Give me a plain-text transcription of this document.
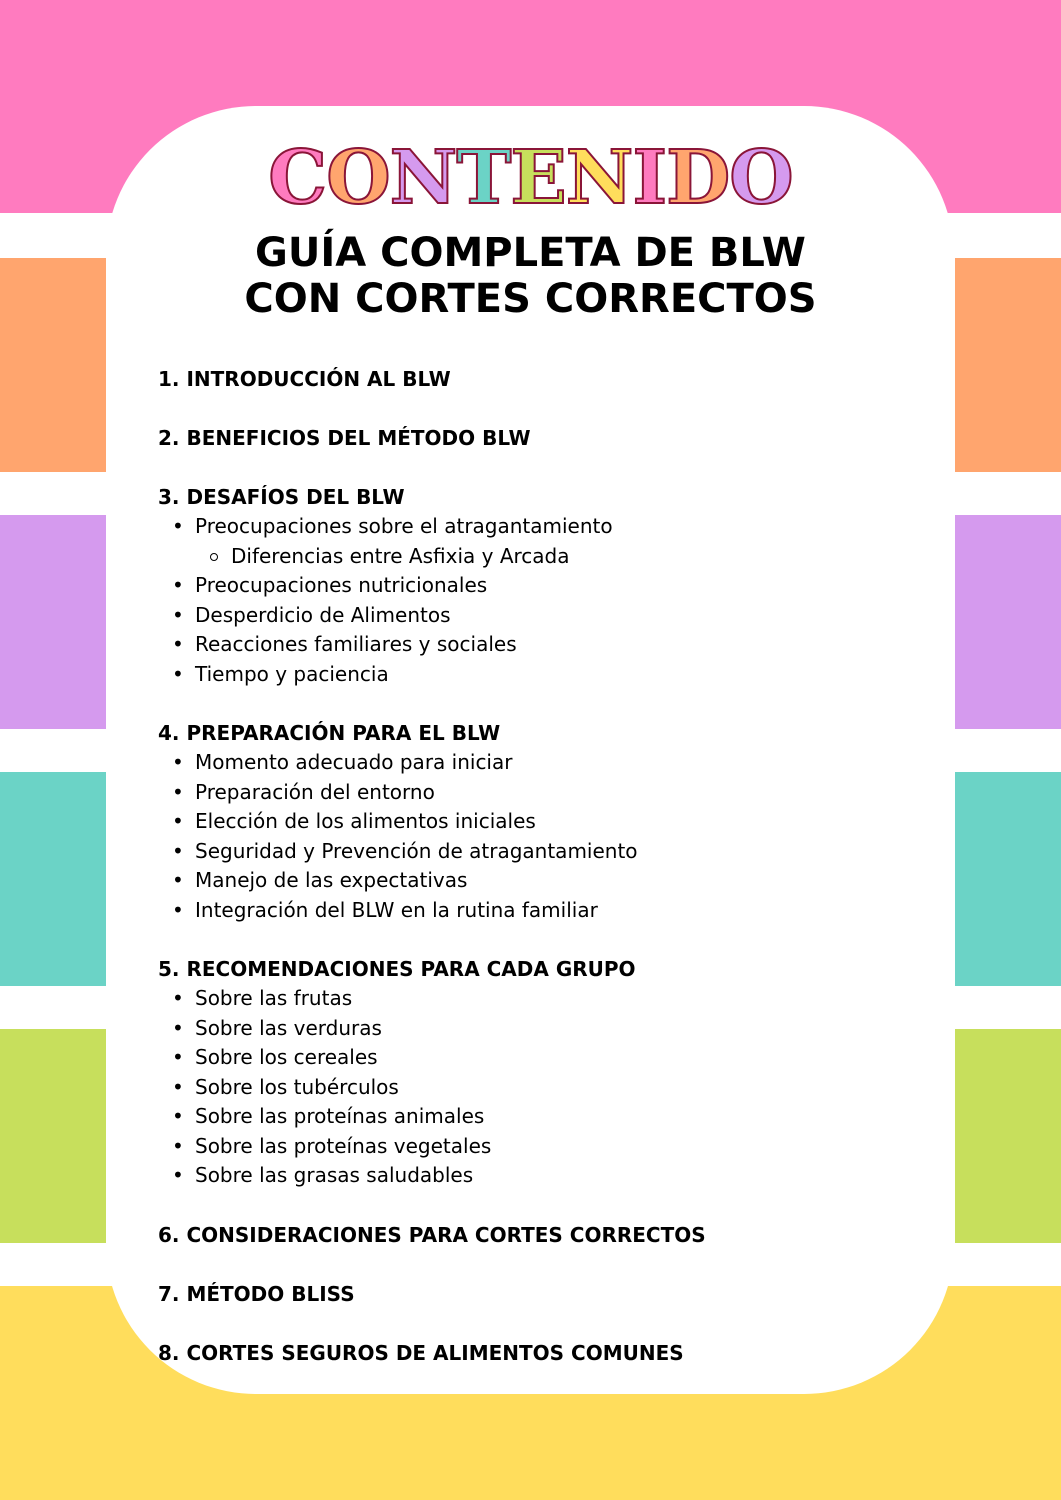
CONTENIDO
GUÍA COMPLETA DE BLW
CON CORTES CORRECTOS
1. INTRODUCCIÓN AL BLW
2. BENEFICIOS DEL MÉTODO BLW
3. DESAFÍOS DEL BLW
• Preocupaciones sobre el atragantamiento
Diferencias entre Asfixia y Arcada
• Preocupaciones nutricionales
• Desperdicio de Alimentos
• Reacciones familiares y sociales
• Tiempo y paciencia
4. PREPARACIÓN PARA EL BLW
• Momento adecuado para iniciar
• Preparación del entorno
• Elección de los alimentos iniciales
• Seguridad y Prevención de atragantamiento
• Manejo de las expectativas
• Integración del BLW en la rutina familiar
5. RECOMENDACIONES PARA CADA GRUPO
• Sobre las frutas
• Sobre las verduras
• Sobre los cereales
• Sobre los tubérculos
• Sobre las proteínas animales
• Sobre las proteínas vegetales
• Sobre las grasas saludables
6. CONSIDERACIONES PARA CORTES CORRECTOS
7. MÉTODO BLISS
8. CORTES SEGUROS DE ALIMENTOS COMUNES
